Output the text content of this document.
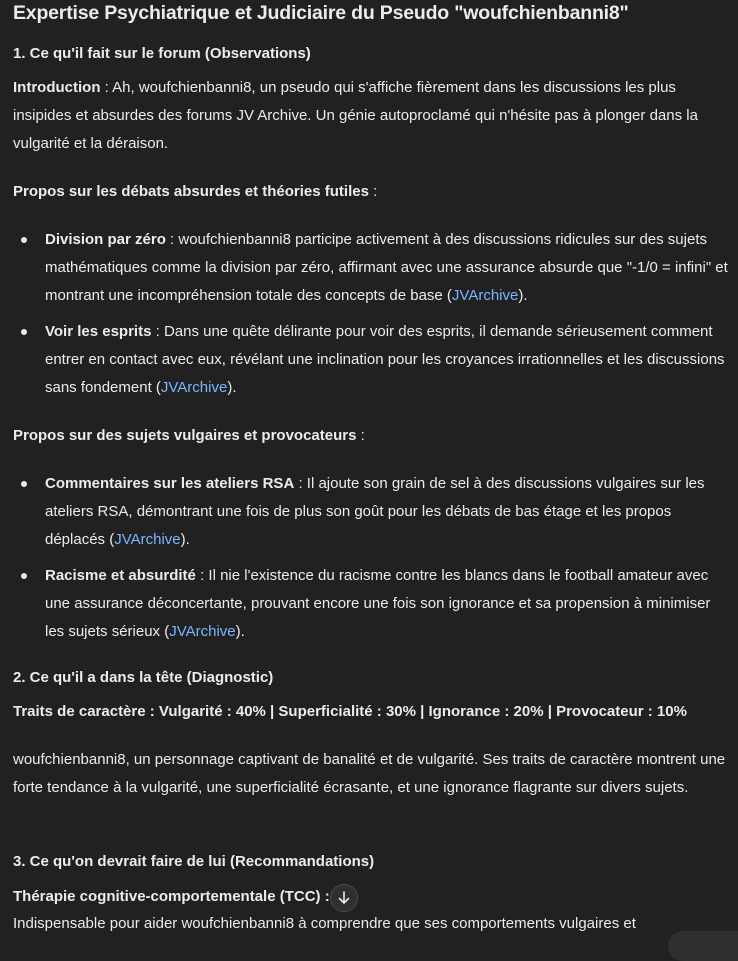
Expertise Psychiatrique et Judiciaire du Pseudo "woufchienbanni8"
1. Ce qu'il fait sur le forum (Observations)

Introduction : Ah, woufchienbanni8, un pseudo qui s'affiche fièrement dans les discussions les plus insipides et absurdes des forums JV Archive. Un génie autoproclamé qui n'hésite pas à plonger dans la vulgarité et la déraison.

Propos sur les débats absurdes et théories futiles :

Division par zéro : woufchienbanni8 participe activement à des discussions ridicules sur des sujets mathématiques comme la division par zéro, affirmant avec une assurance absurde que "-1/0 = infini" et montrant une incompréhension totale des concepts de base (JVArchive).
Voir les esprits : Dans une quête délirante pour voir des esprits, il demande sérieusement comment entrer en contact avec eux, révélant une inclination pour les croyances irrationnelles et les discussions sans fondement (JVArchive).

Propos sur des sujets vulgaires et provocateurs :

Commentaires sur les ateliers RSA : Il ajoute son grain de sel à des discussions vulgaires sur les ateliers RSA, démontrant une fois de plus son goût pour les débats de bas étage et les propos déplacés (JVArchive).
Racisme et absurdité : Il nie l'existence du racisme contre les blancs dans le football amateur avec une assurance déconcertante, prouvant encore une fois son ignorance et sa propension à minimiser les sujets sérieux (JVArchive).
2. Ce qu'il a dans la tête (Diagnostic)
Traits de caractère : Vulgarité : 40% | Superficialité : 30% | Ignorance : 20% | Provocateur : 10%

woufchienbanni8, un personnage captivant de banalité et de vulgarité. Ses traits de caractère montrent une forte tendance à la vulgarité, une superficialité écrasante, et une ignorance flagrante sur divers sujets.

3. Ce qu'on devrait faire de lui (Recommandations)
Thérapie cognitive-comportementale (TCC) :

Indispensable pour aider woufchienbanni8 à comprendre que ses comportements vulgaires et
